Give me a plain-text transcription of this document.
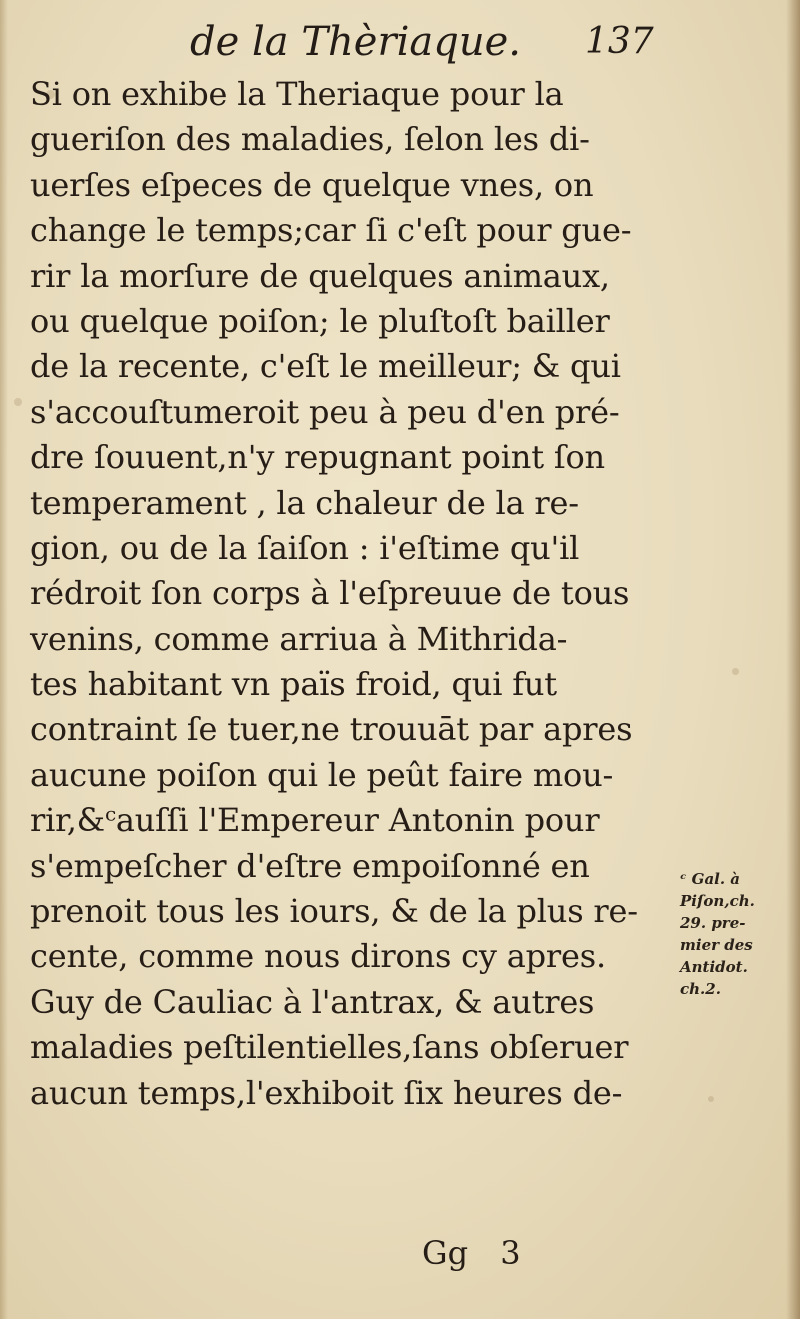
de la Thèriaque. 137
Si on exhibe la Theriaque pour la
gueriſon des maladies, ſelon les di-
uerſes eſpeces de quelque vnes, on
change le temps;car ſi c'eſt pour gue-
rir la morſure de quelques animaux,
ou quelque poiſon; le pluſtoſt bailler
de la recente, c'eſt le meilleur; & qui
s'accouſtumeroit peu à peu d'en pré-
dre ſouuent,n'y repugnant point ſon
temperament , la chaleur de la re-
gion, ou de la ſaiſon : i'eſtime qu'il
rédroit ſon corps à l'eſpreuue de tous
venins, comme arriua à Mithrida-
tes habitant vn païs froid, qui fut
contraint ſe tuer,ne trouuāt par apres
aucune poiſon qui le peût faire mou-
rir,&ᶜauſſi l'Empereur Antonin pour
s'empeſcher d'eſtre empoiſonné en
prenoit tous les iours, & de la plus re-
cente, comme nous dirons cy apres.
Guy de Cauliac à l'antrax, & autres
maladies peſtilentielles,ſans obſeruer
aucun temps,l'exhiboit ſix heures de-
ᶜ Gal. à
Piſon,ch.
29. pre-
mier des
Antidot.
ch.2.
Gg 3
